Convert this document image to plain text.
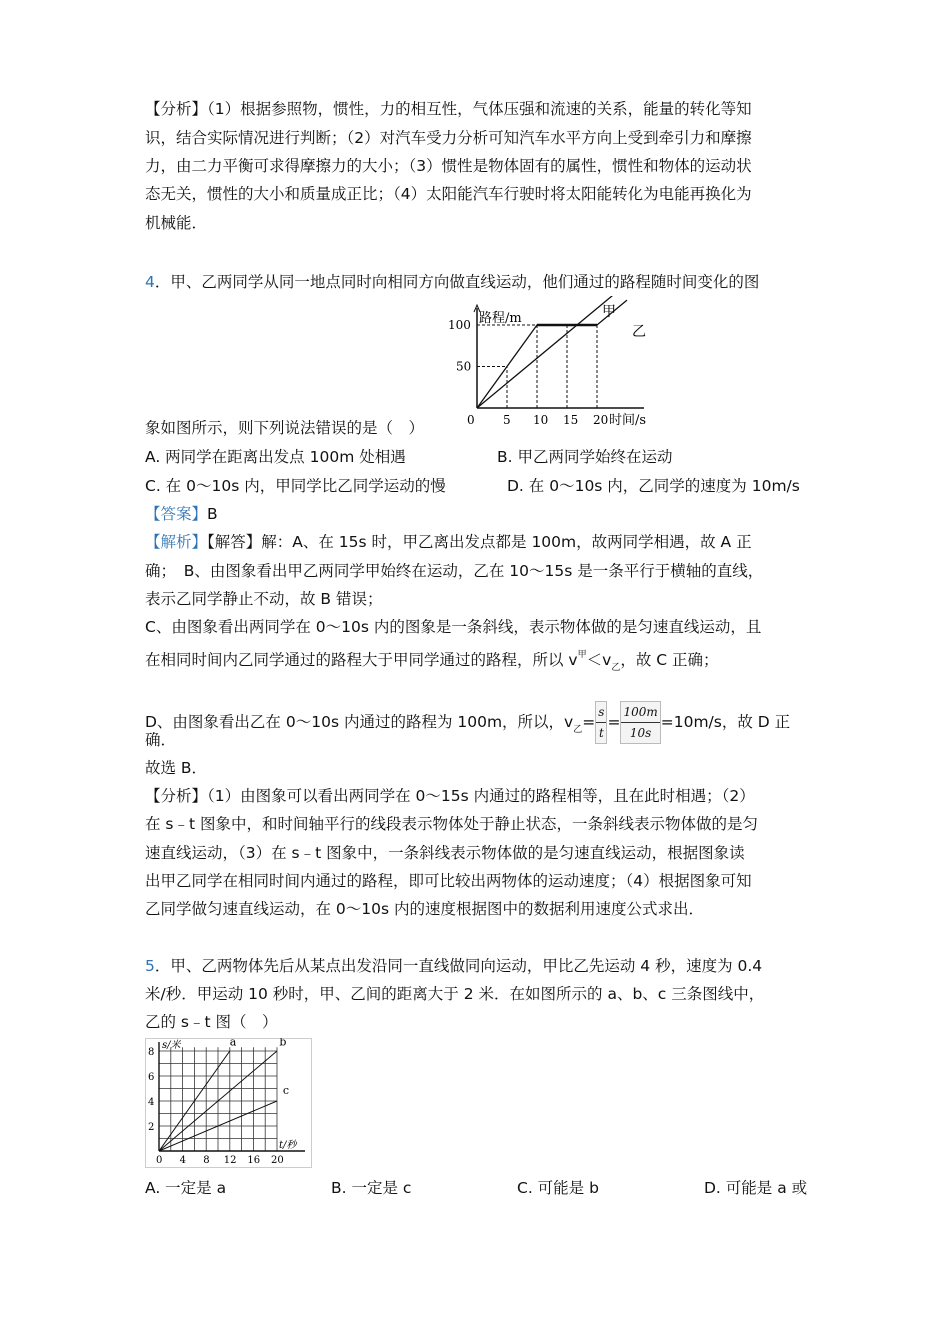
【分析】（1）根据参照物，惯性，力的相互性，气体压强和流速的关系，能量的转化等知
识，结合实际情况进行判断；（2）对汽车受力分析可知汽车水平方向上受到牵引力和摩擦
力，由二力平衡可求得摩擦力的大小；（3）惯性是物体固有的属性，惯性和物体的运动状
态无关，惯性的大小和质量成正比；（4）太阳能汽车行驶时将太阳能转化为电能再换化为
机械能．
4．甲、乙两同学从同一地点同时向相同方向做直线运动，他们通过的路程随时间变化的图
路程/m
时间/s
0 5 10 15 20
50
100
甲
乙
象如图所示，则下列说法错误的是（　）
A. 两同学在距离出发点 100m 处相遇	B. 甲乙两同学始终在运动
C. 在 0～10s 内，甲同学比乙同学运动的慢	D. 在 0～10s 内，乙同学的速度为 10m/s
【答案】B
【解析】【解答】解：A、在 15s 时，甲乙离出发点都是 100m，故两同学相遇，故 A 正
确；　B、由图象看出甲乙两同学甲始终在运动，乙在 10～15s 是一条平行于横轴的直线，
表示乙同学静止不动，故 B 错误；
C、由图象看出两同学在 0～10s 内的图象是一条斜线，表示物体做的是匀速直线运动，且
在相同时间内乙同学通过的路程大于甲同学通过的路程，所以 $v^甲<v_乙$，故 C 正确；
D、由图象看出乙在 0～10s 内通过的路程为 100m，所以，$v_乙= \frac{s}{t} = \frac{100m}{10s} =10m/s$，故 D 正
确．
故选 B．
【分析】（1）由图象可以看出两同学在 0～15s 内通过的路程相等，且在此时相遇；（2）
在 s﹣t 图象中，和时间轴平行的线段表示物体处于静止状态，一条斜线表示物体做的是匀
速直线运动，（3）在 s﹣t 图象中，一条斜线表示物体做的是匀速直线运动，根据图象读
出甲乙同学在相同时间内通过的路程，即可比较出两物体的运动速度；（4）根据图象可知
乙同学做匀速直线运动，在 0～10s 内的速度根据图中的数据利用速度公式求出．
5．甲、乙两物体先后从某点出发沿同一直线做同向运动，甲比乙先运动 4 秒，速度为 0.4
米/秒．甲运动 10 秒时，甲、乙间的距离大于 2 米．在如图所示的 a、b、c 三条图线中，
乙的 s﹣t 图（　）
s/米
t/秒
0 4 8 12 16 20
2
4
6
8
a	b
c
A. 一定是 a	B. 一定是 c	C. 可能是 b	D. 可能是 a 或
